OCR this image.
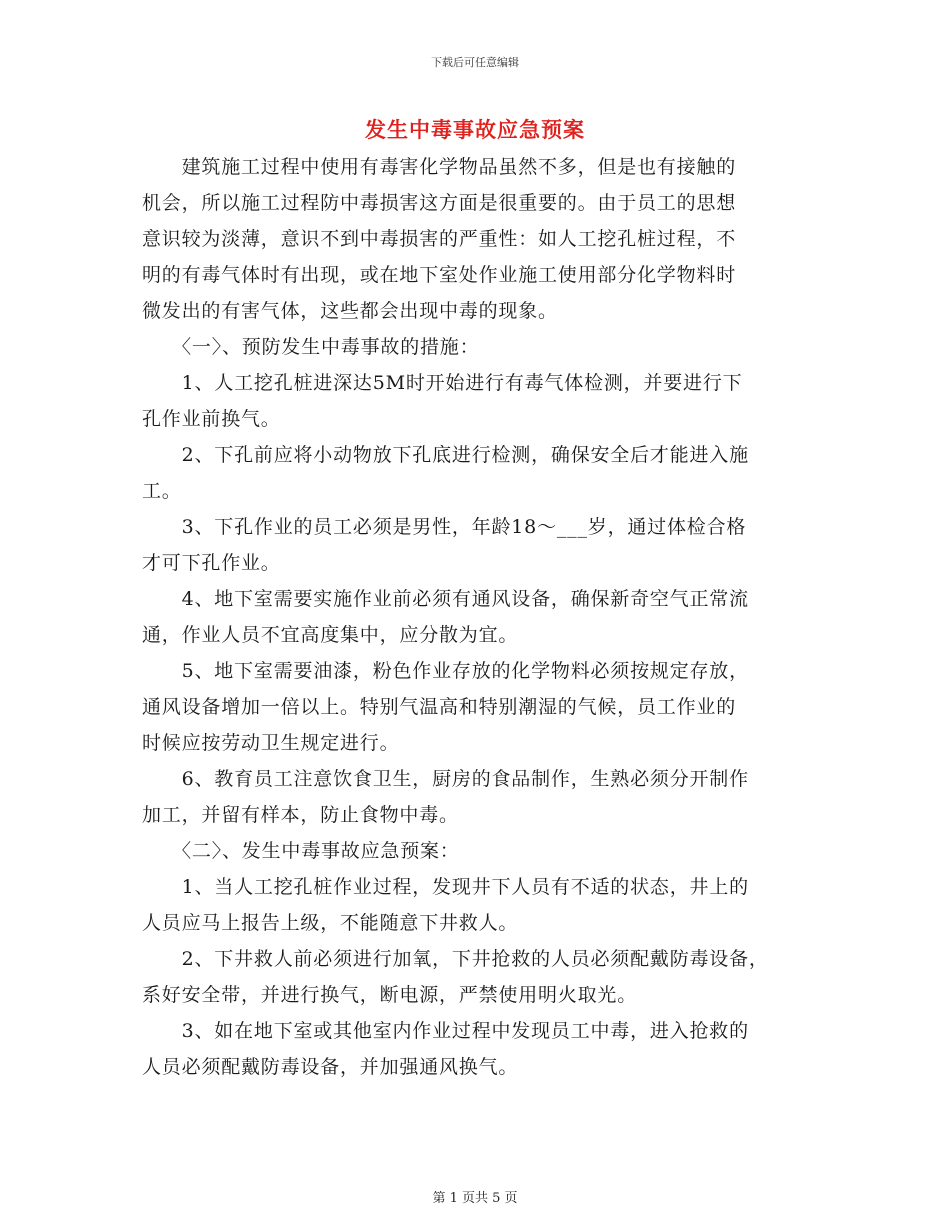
下载后可任意编辑
发生中毒事故应急预案
　　建筑施工过程中使用有毒害化学物品虽然不多，但是也有接触的
机会，所以施工过程防中毒损害这方面是很重要的。由于员工的思想
意识较为淡薄，意识不到中毒损害的严重性：如人工挖孔桩过程，不
明的有毒气体时有出现，或在地下室处作业施工使用部分化学物料时
微发出的有害气体，这些都会出现中毒的现象。
　　〈一〉、预防发生中毒事故的措施：
　　1、人工挖孔桩进深达5M时开始进行有毒气体检测，并要进行下
孔作业前换气。
　　2、下孔前应将小动物放下孔底进行检测，确保安全后才能进入施
工。
　　3、下孔作业的员工必须是男性，年龄18～___岁，通过体检合格
才可下孔作业。
　　4、地下室需要实施作业前必须有通风设备，确保新奇空气正常流
通，作业人员不宜高度集中，应分散为宜。
　　5、地下室需要油漆，粉色作业存放的化学物料必须按规定存放，
通风设备增加一倍以上。特别气温高和特别潮湿的气候，员工作业的
时候应按劳动卫生规定进行。
　　6、教育员工注意饮食卫生，厨房的食品制作，生熟必须分开制作
加工，并留有样本，防止食物中毒。
　　〈二〉、发生中毒事故应急预案：
　　1、当人工挖孔桩作业过程，发现井下人员有不适的状态，井上的
人员应马上报告上级，不能随意下井救人。
　　2、下井救人前必须进行加氧，下井抢救的人员必须配戴防毒设备，
系好安全带，并进行换气，断电源，严禁使用明火取光。
　　3、如在地下室或其他室内作业过程中发现员工中毒，进入抢救的
人员必须配戴防毒设备，并加强通风换气。
第 1 页共 5 页
